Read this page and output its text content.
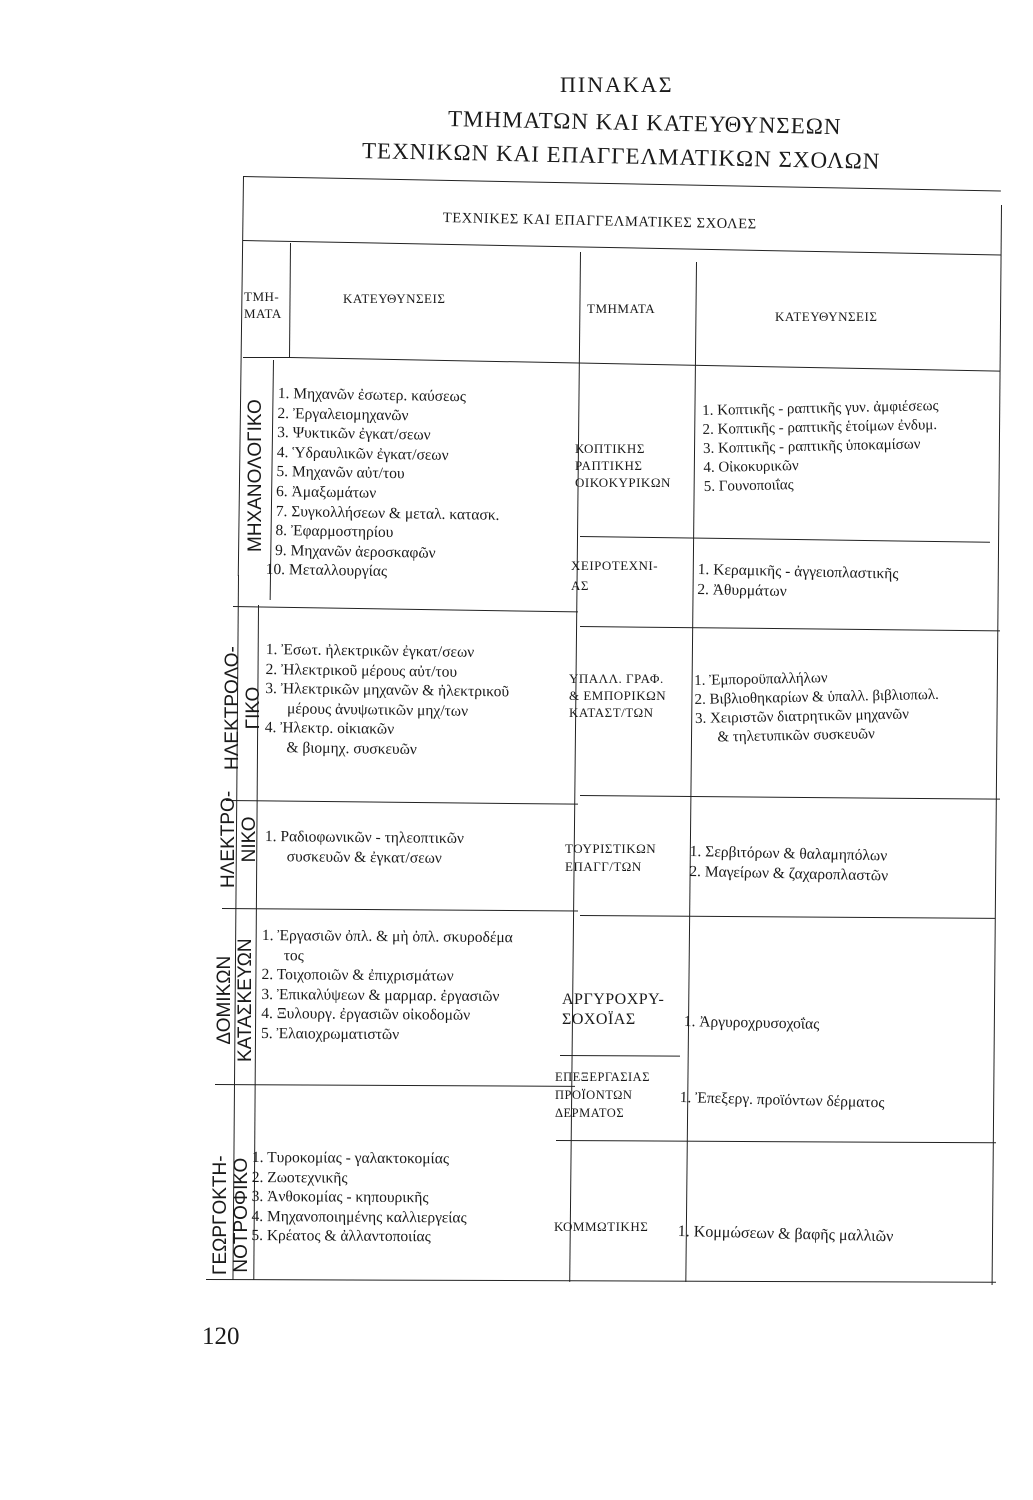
ΠΙΝΑΚΑΣ
ΤΜΗΜΑΤΩΝ ΚΑΙ ΚΑΤΕΥΘΥΝΣΕΩΝ
ΤΕΧΝΙΚΩΝ ΚΑΙ ΕΠΑΓΓΕΛΜΑΤΙΚΩΝ ΣΧΟΛΩΝ
ΤΕΧΝΙΚΕΣ ΚΑΙ ΕΠΑΓΓΕΛΜΑΤΙΚΕΣ ΣΧΟΛΕΣ
ΤΜΗ-
ΜΑΤΑ
ΚΑΤΕΥΘΥΝΣΕΙΣ
ΤΜΗΜΑΤΑ
ΚΑΤΕΥΘΥΝΣΕΙΣ
ΜΗΧΑΝΟΛΟΓΙΚΟ
ΗΛΕΚΤΡΟΛΟ- ΓΙΚΟ
ΗΛΕΚΤΡΟ- ΝΙΚΟ
ΔΟΜΙΚΩΝ ΚΑΤΑΣΚΕΥΩΝ
ΓΕΩΡΓΟΚΤΗ- ΝΟΤΡΟΦΙΚΟ
1. Μηχανῶν ἐσωτερ. καύσεως
2. Ἐργαλειομηχανῶν
3. Ψυκτικῶν ἐγκατ/σεων
4. Ὑδραυλικῶν ἐγκατ/σεων
5. Μηχανῶν αὐτ/του
6. Ἀμαξωμάτων
7. Συγκολλήσεων & μεταλ. κατασκ.
8. Ἐφαρμοστηρίου
9. Μηχανῶν ἀεροσκαφῶν
10. Μεταλλουργίας
1. Ἐσωτ. ἠλεκτρικῶν ἐγκατ/σεων
2. Ἠλεκτρικοῦ μέρους αὐτ/του
3. Ἠλεκτρικῶν μηχανῶν & ἠλεκτρικοῦ
μέρους ἀνυψωτικῶν μηχ/των
4. Ἠλεκτρ. οἰκιακῶν
& βιομηχ. συσκευῶν
1. Ραδιοφωνικῶν - τηλεοπτικῶν
συσκευῶν & ἐγκατ/σεων
1. Ἐργασιῶν ὀπλ. & μὴ ὀπλ. σκυροδέμα
τος
2. Τοιχοποιῶν & ἐπιχρισμάτων
3. Ἐπικαλύψεων & μαρμαρ. ἐργασιῶν
4. Ξυλουργ. ἐργασιῶν οἰκοδομῶν
5. Ἐλαιοχρωματιστῶν
1. Τυροκομίας - γαλακτοκομίας
2. Ζωοτεχνικῆς
3. Ἀνθοκομίας - κηπουρικῆς
4. Μηχανοποιημένης καλλιεργείας
5. Κρέατος & ἀλλαντοποιίας
ΚΟΠΤΙΚΗΣ
ΡΑΠΤΙΚΗΣ
ΟΙΚΟΚΥΡΙΚΩΝ
ΧΕΙΡΟΤΕΧΝΙ-
ΑΣ
ΥΠΑΛΛ. ΓΡΑΦ.
& ΕΜΠΟΡΙΚΩΝ
ΚΑΤΑΣΤ/ΤΩΝ
ΤΟΥΡΙΣΤΙΚΩΝ
ΕΠΑΓΓ/ΤΩΝ
ΑΡΓΥΡΟΧΡΥ-
ΣΟΧΟΪΑΣ
ΕΠΕΞΕΡΓΑΣΙΑΣ
ΠΡΟΪΟΝΤΩΝ
ΔΕΡΜΑΤΟΣ
ΚΟΜΜΩΤΙΚΗΣ
1. Κοπτικῆς - ραπτικῆς γυν. ἀμφιέσεως
2. Κοπτικῆς - ραπτικῆς ἑτοίμων ἐνδυμ.
3. Κοπτικῆς - ραπτικῆς ὑποκαμίσων
4. Οἰκοκυρικῶν
5. Γουνοποιΐας
1. Κεραμικῆς - ἀγγειοπλαστικῆς
2. Ἀθυρμάτων
1. Ἐμποροϋπαλλήλων
2. Βιβλιοθηκαρίων & ὑπαλλ. βιβλιοπωλ.
3. Χειριστῶν διατρητικῶν μηχανῶν
& τηλετυπικῶν συσκευῶν
1. Σερβιτόρων & θαλαμηπόλων
2. Μαγείρων & ζαχαροπλαστῶν
1. Ἀργυροχρυσοχοΐας
1. Ἐπεξεργ. προϊόντων δέρματος
1. Κομμώσεων & βαφῆς μαλλιῶν
120
